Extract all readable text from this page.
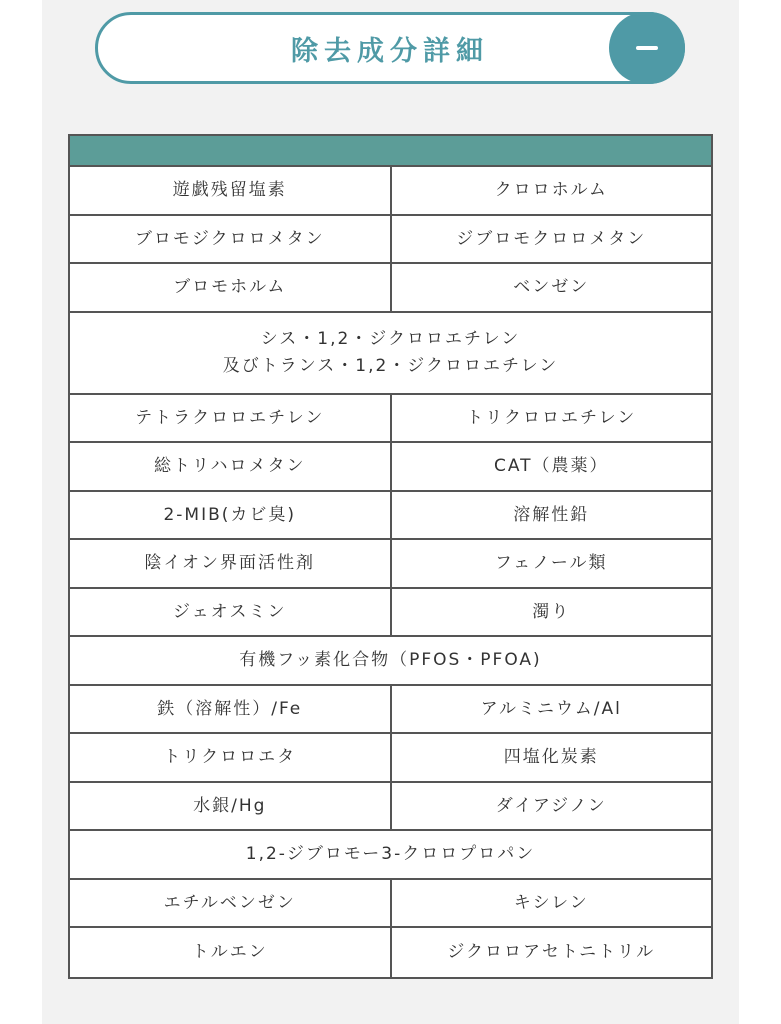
除去成分詳細
遊戯残留塩素	クロロホルム
ブロモジクロロメタン	ジブロモクロロメタン
ブロモホルム	ベンゼン
シス・1,2・ジクロロエチレン
及びトランス・1,2・ジクロロエチレン
テトラクロロエチレン	トリクロロエチレン
総トリハロメタン	CAT（農薬）
2-MIB(カビ臭)	溶解性鉛
陰イオン界面活性剤	フェノール類
ジェオスミン	濁り
有機フッ素化合物（PFOS・PFOA)
鉄（溶解性）/Fe	アルミニウム/Al
トリクロロエタ	四塩化炭素
水銀/Hg	ダイアジノン
1,2-ジブロモー3-クロロプロパン
エチルベンゼン	キシレン
トルエン	ジクロロアセトニトリル
